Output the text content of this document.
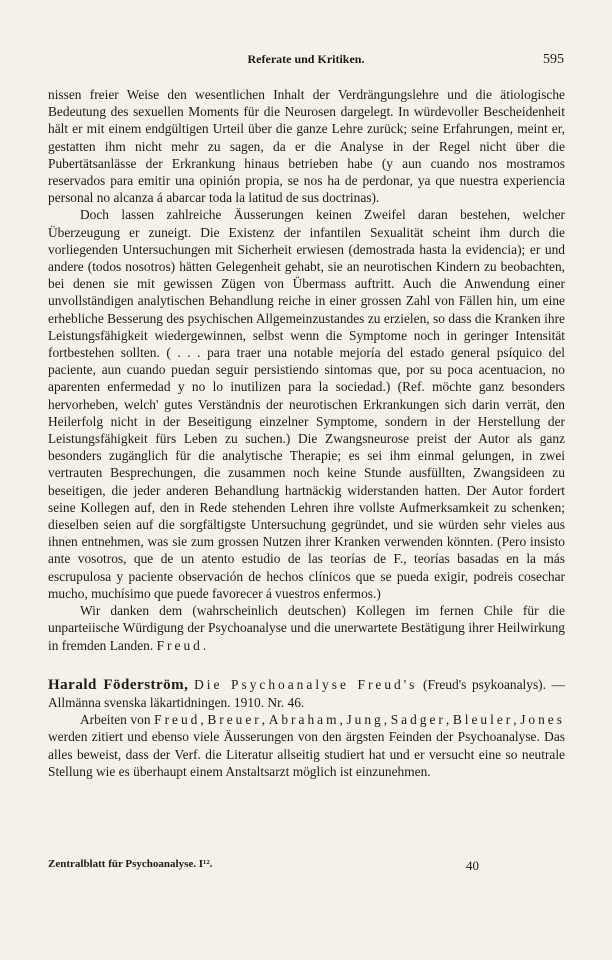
Referate und Kritiken.	595

nissen freier Weise den wesentlichen Inhalt der Verdrängungslehre und die ätiologische Bedeutung des sexuellen Moments für die Neurosen dargelegt. In würdevoller Bescheidenheit hält er mit einem endgültigen Urteil über die ganze Lehre zurück; seine Erfahrungen, meint er, gestatten ihm nicht mehr zu sagen, da er die Analyse in der Regel nicht über die Pubertätsanlässe der Erkrankung hinaus betrieben habe (y aun cuando nos mostramos reservados para emitir una opinión propia, se nos ha de perdonar, ya que nuestra experiencia personal no alcanza á abarcar toda la latitud de sus doctrinas).

Doch lassen zahlreiche Äusserungen keinen Zweifel daran bestehen, welcher Überzeugung er zuneigt. Die Existenz der infantilen Sexualität scheint ihm durch die vorliegenden Untersuchungen mit Sicherheit erwiesen (demostrada hasta la evidencia); er und andere (todos nosotros) hätten Gelegenheit gehabt, sie an neurotischen Kindern zu beobachten, bei denen sie mit gewissen Zügen von Übermass auftritt. Auch die Anwendung einer unvollständigen analytischen Behandlung reiche in einer grossen Zahl von Fällen hin, um eine erhebliche Besserung des psychischen Allgemeinzustandes zu erzielen, so dass die Kranken ihre Leistungsfähigkeit wiedergewinnen, selbst wenn die Symptome noch in geringer Intensität fortbestehen sollten. ( . . . para traer una notable mejoría del estado general psíquico del paciente, aun cuando puedan seguir persistiendo sintomas que, por su poca acentuacion, no aparenten enfermedad y no lo inutilizen para la sociedad.) (Ref. möchte ganz besonders hervorheben, welch' gutes Verständnis der neurotischen Erkrankungen sich darin verrät, den Heilerfolg nicht in der Beseitigung einzelner Symptome, sondern in der Herstellung der Leistungsfähigkeit fürs Leben zu suchen.) Die Zwangsneurose preist der Autor als ganz besonders zugänglich für die analytische Therapie; es sei ihm einmal gelungen, in zwei vertrauten Besprechungen, die zusammen noch keine Stunde ausfüllten, Zwangsideen zu beseitigen, die jeder anderen Behandlung hartnäckig widerstanden hatten. Der Autor fordert seine Kollegen auf, den in Rede stehenden Lehren ihre vollste Aufmerksamkeit zu schenken; dieselben seien auf die sorgfältigste Untersuchung gegründet, und sie würden sehr vieles aus ihnen entnehmen, was sie zum grossen Nutzen ihrer Kranken verwenden könnten. (Pero insisto ante vosotros, que de un atento estudio de las teorías de F., teorías basadas en la más escrupulosa y paciente observación de hechos clínicos que se pueda exigir, podreis cosechar mucho, muchísimo que puede favorecer á vuestros enfermos.)

Wir danken dem (wahrscheinlich deutschen) Kollegen im fernen Chile für die unparteiische Würdigung der Psychoanalyse und die unerwartete Bestätigung ihrer Heilwirkung in fremden Landen. Freud.

Harald Föderström, Die Psychoanalyse Freud's (Freud's psykoanalys). — Allmänna svenska läkartidningen. 1910. Nr. 46.

Arbeiten von Freud, Breuer, Abraham, Jung, Sadger, Bleuler, Jones werden zitiert und ebenso viele Äusserungen von den ärgsten Feinden der Psychoanalyse. Das alles beweist, dass der Verf. die Literatur allseitig studiert hat und er versucht eine so neutrale Stellung wie es überhaupt einem Anstaltsarzt möglich ist einzunehmen.

Zentralblatt für Psychoanalyse. I¹².	40
